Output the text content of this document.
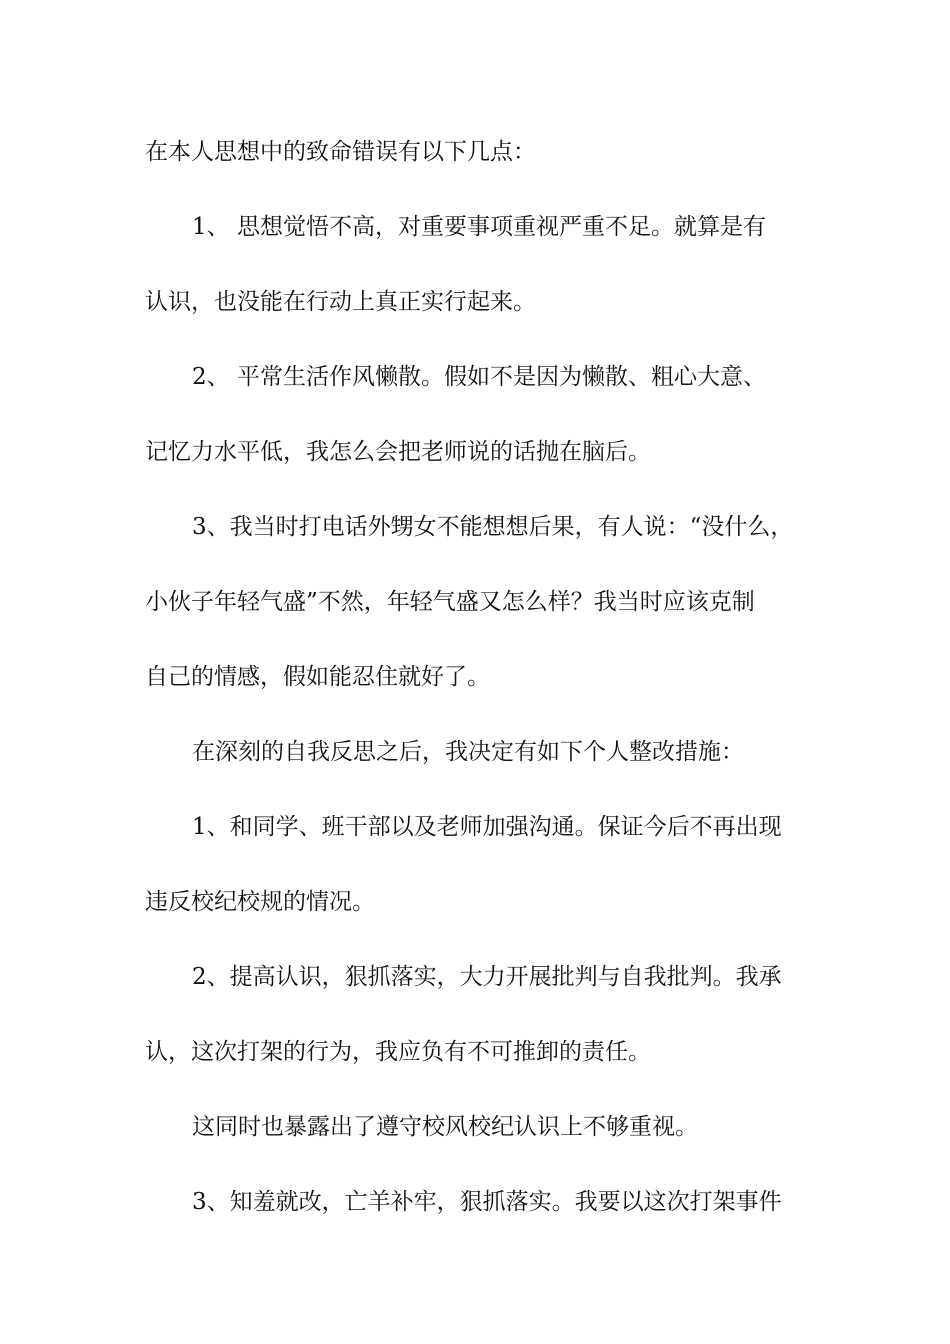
在本人思想中的致命错误有以下几点：
1、 思想觉悟不高，对重要事项重视严重不足。就算是有
认识，也没能在行动上真正实行起来。
2、 平常生活作风懒散。假如不是因为懒散、粗心大意、
记忆力水平低，我怎么会把老师说的话抛在脑后。
3、我当时打电话外甥女不能想想后果，有人说：“没什么，
小伙子年轻气盛”不然，年轻气盛又怎么样？我当时应该克制
自己的情感，假如能忍住就好了。
在深刻的自我反思之后，我决定有如下个人整改措施：
1、和同学、班干部以及老师加强沟通。保证今后不再出现
违反校纪校规的情况。
2、提高认识，狠抓落实，大力开展批判与自我批判。我承
认，这次打架的行为，我应负有不可推卸的责任。
这同时也暴露出了遵守校风校纪认识上不够重视。
3、知羞就改，亡羊补牢，狠抓落实。我要以这次打架事件
